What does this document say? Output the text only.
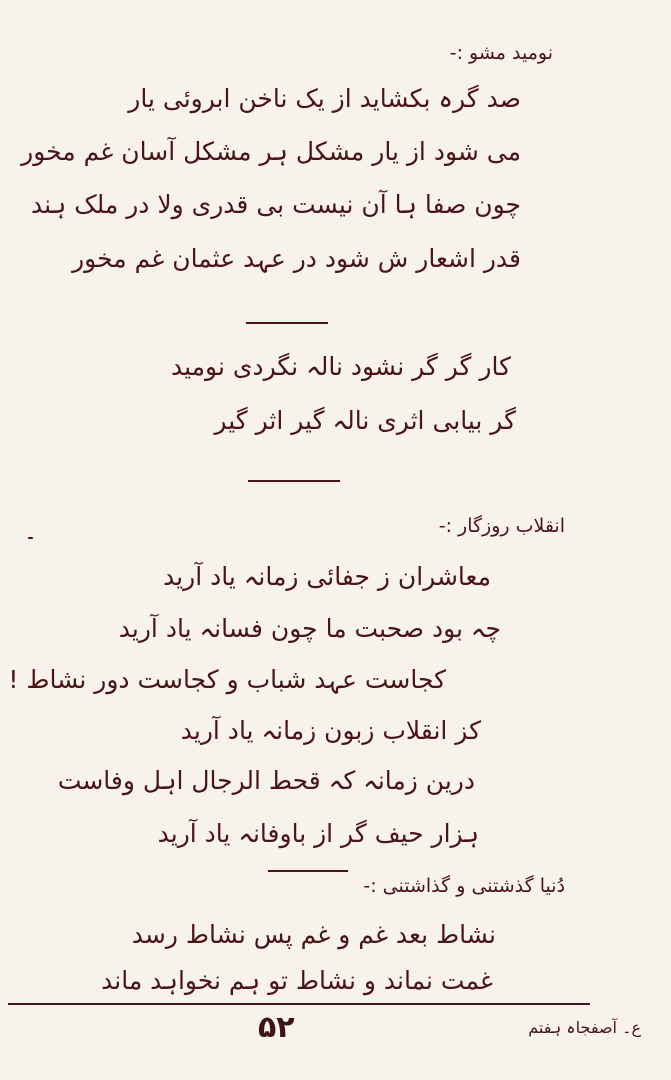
نومید مشو :-
صد گرہ بکشاید از یک ناخن ابروئی یار
می شود از یار مشکل ہر مشکل آسان غم مخور
چون صفا ہا آن نیست بی قدری ولا در ملک ہند
قدر اشعار ش شود در عہد عثمان غم مخور
کار گر گر نشود نالہ نگردی نومید
گر بیابی اثری نالہ گیر اثر گیر
انقلاب روزگار :-
معاشران ز جفائی زمانہ یاد آرید
چہ بود صحبت ما چون فسانہ یاد آرید
کجاست عہد شباب و کجاست دور نشاط !
کز انقلاب زبون زمانہ یاد آرید
درین زمانہ کہ قحط الرجال اہل وفاست
ہزار حیف گر از باوفانہ یاد آرید
دُنیا گذشتنی و گذاشتنی :-
نشاط بعد غم و غم پس نشاط رسد
غمت نماند و نشاط تو ہم نخواہد ماند
۵۲	ع۔ آصفجاہ ہفتم
